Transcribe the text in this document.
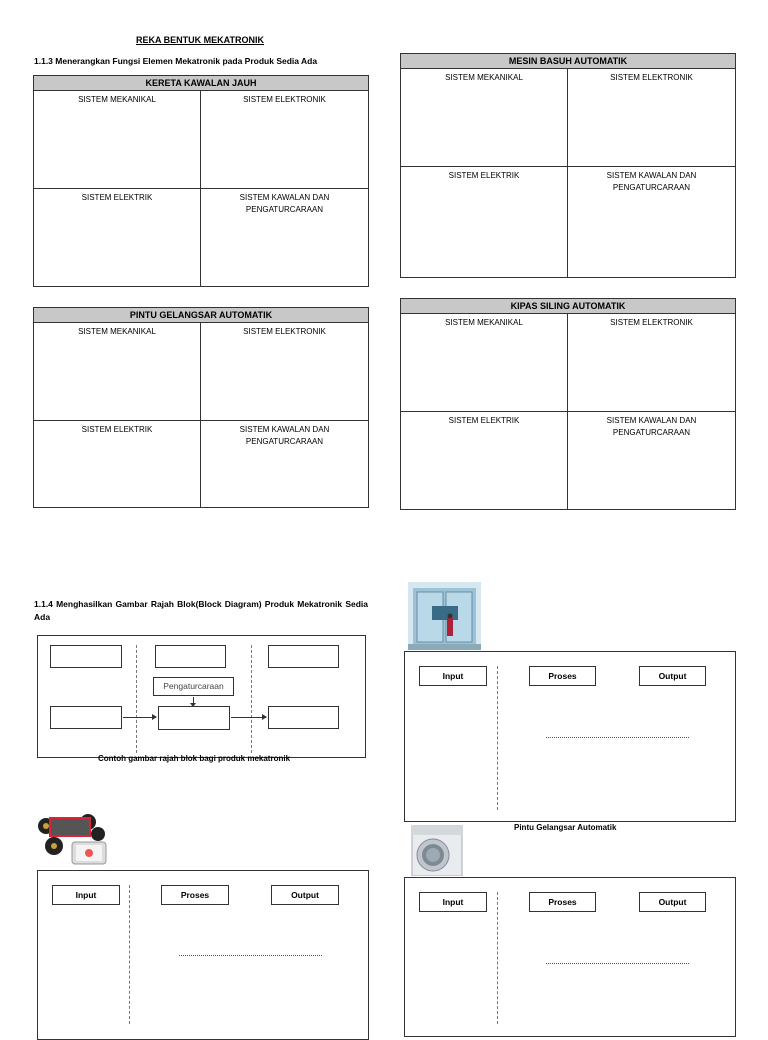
REKA BENTUK MEKATRONIK
1.1.3 Menerangkan Fungsi Elemen Mekatronik pada Produk Sedia Ada
KERETA KAWALAN JAUH
SISTEM MEKANIKAL	SISTEM ELEKTRONIK
SISTEM ELEKTRIK	SISTEM KAWALAN DAN PENGATURCARAAN
MESIN BASUH AUTOMATIK
SISTEM MEKANIKAL	SISTEM ELEKTRONIK
SISTEM ELEKTRIK	SISTEM KAWALAN DAN PENGATURCARAAN
PINTU GELANGSAR AUTOMATIK
SISTEM MEKANIKAL	SISTEM ELEKTRONIK
SISTEM ELEKTRIK	SISTEM KAWALAN DAN PENGATURCARAAN
KIPAS SILING AUTOMATIK
SISTEM MEKANIKAL	SISTEM ELEKTRONIK
SISTEM ELEKTRIK	SISTEM KAWALAN DAN PENGATURCARAAN
1.1.4 Menghasilkan Gambar Rajah Blok(Block Diagram) Produk Mekatronik Sedia Ada
Pengaturcaraan
Contoh gambar rajah blok bagi produk mekatronik
Input	Proses	Output
Pintu Gelangsar Automatik
Input	Proses	Output
Input	Proses	Output
